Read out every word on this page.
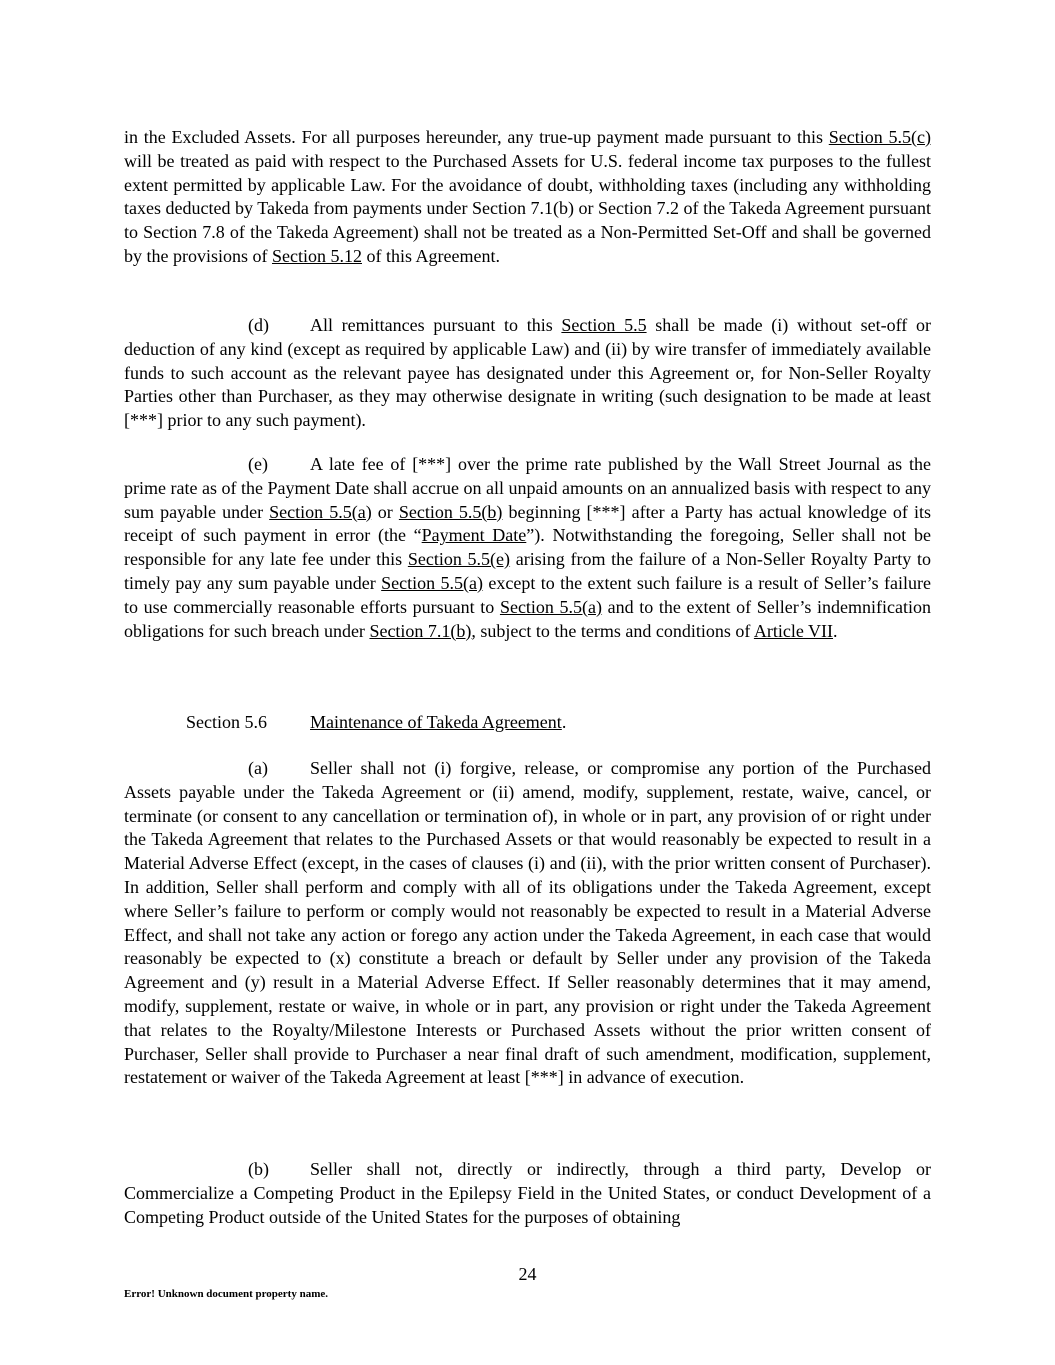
in the Excluded Assets. For all purposes hereunder, any true-up payment made pursuant to this Section 5.5(c) will be treated as paid with respect to the Purchased Assets for U.S. federal income tax purposes to the fullest extent permitted by applicable Law. For the avoidance of doubt, withholding taxes (including any withholding taxes deducted by Takeda from payments under Section 7.1(b) or Section 7.2 of the Takeda Agreement pursuant to Section 7.8 of the Takeda Agreement) shall not be treated as a Non-Permitted Set-Off and shall be governed by the provisions of Section 5.12 of this Agreement.

(d) All remittances pursuant to this Section 5.5 shall be made (i) without set-off or deduction of any kind (except as required by applicable Law) and (ii) by wire transfer of immediately available funds to such account as the relevant payee has designated under this Agreement or, for Non-Seller Royalty Parties other than Purchaser, as they may otherwise designate in writing (such designation to be made at least [***] prior to any such payment).

(e) A late fee of [***] over the prime rate published by the Wall Street Journal as the prime rate as of the Payment Date shall accrue on all unpaid amounts on an annualized basis with respect to any sum payable under Section 5.5(a) or Section 5.5(b) beginning [***] after a Party has actual knowledge of its receipt of such payment in error (the “Payment Date”). Notwithstanding the foregoing, Seller shall not be responsible for any late fee under this Section 5.5(e) arising from the failure of a Non-Seller Royalty Party to timely pay any sum payable under Section 5.5(a) except to the extent such failure is a result of Seller’s failure to use commercially reasonable efforts pursuant to Section 5.5(a) and to the extent of Seller’s indemnification obligations for such breach under Section 7.1(b), subject to the terms and conditions of Article VII.

Section 5.6 Maintenance of Takeda Agreement.

(a) Seller shall not (i) forgive, release, or compromise any portion of the Purchased Assets payable under the Takeda Agreement or (ii) amend, modify, supplement, restate, waive, cancel, or terminate (or consent to any cancellation or termination of), in whole or in part, any provision of or right under the Takeda Agreement that relates to the Purchased Assets or that would reasonably be expected to result in a Material Adverse Effect (except, in the cases of clauses (i) and (ii), with the prior written consent of Purchaser). In addition, Seller shall perform and comply with all of its obligations under the Takeda Agreement, except where Seller’s failure to perform or comply would not reasonably be expected to result in a Material Adverse Effect, and shall not take any action or forego any action under the Takeda Agreement, in each case that would reasonably be expected to (x) constitute a breach or default by Seller under any provision of the Takeda Agreement and (y) result in a Material Adverse Effect. If Seller reasonably determines that it may amend, modify, supplement, restate or waive, in whole or in part, any provision or right under the Takeda Agreement that relates to the Royalty/Milestone Interests or Purchased Assets without the prior written consent of Purchaser, Seller shall provide to Purchaser a near final draft of such amendment, modification, supplement, restatement or waiver of the Takeda Agreement at least [***] in advance of execution.

(b) Seller shall not, directly or indirectly, through a third party, Develop or Commercialize a Competing Product in the Epilepsy Field in the United States, or conduct Development of a Competing Product outside of the United States for the purposes of obtaining

24
Error! Unknown document property name.
